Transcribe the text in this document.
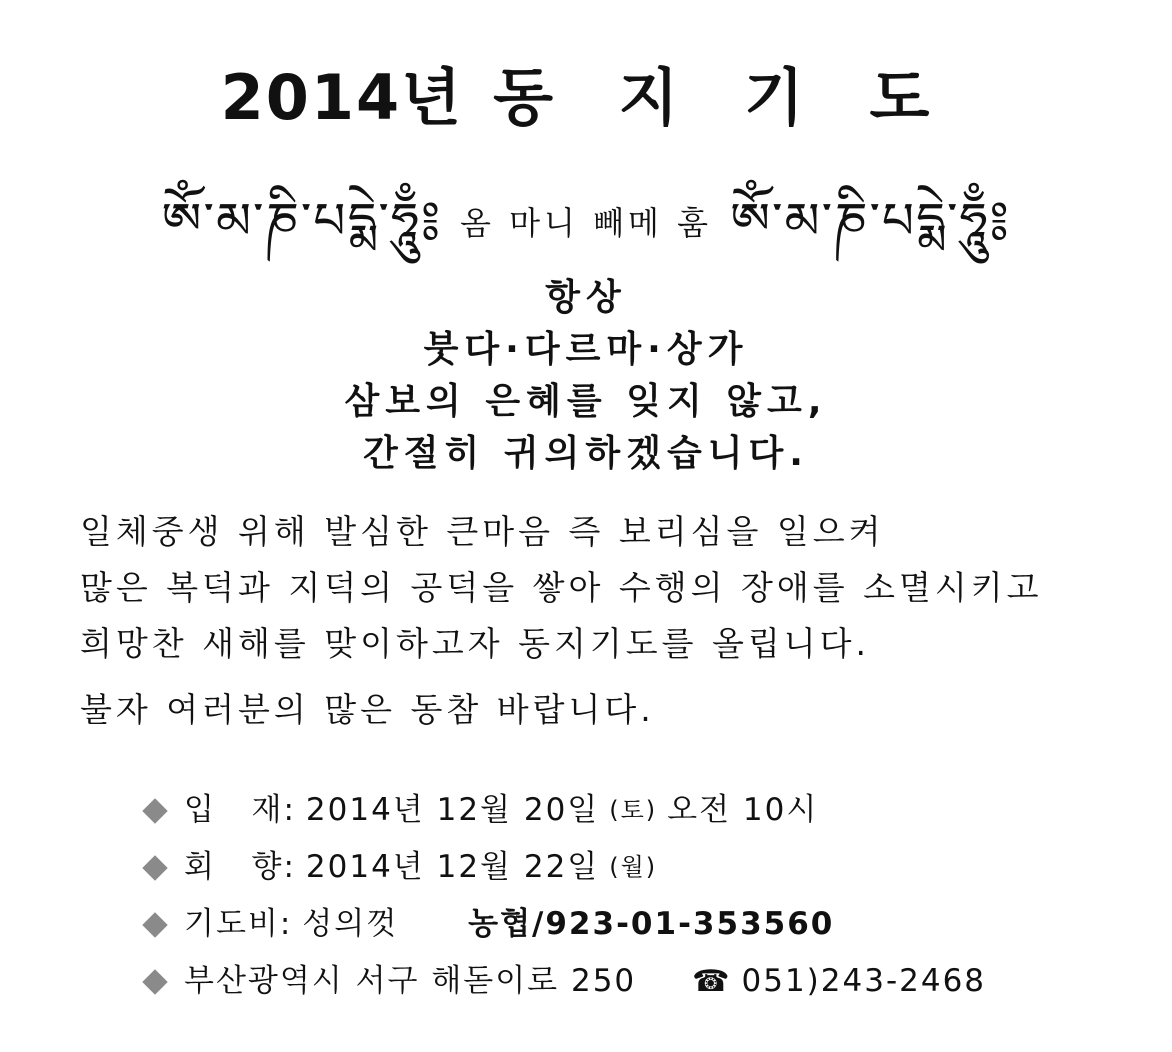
2014년 동 지 기 도
ༀ་མ་ཎི་པདྨེ་ཧཱུྃ༔ 옴 마니 빼메 훔 ༀ་མ་ཎི་པདྨེ་ཧཱུྃ༔
항상
붓다·다르마·상가
삼보의 은혜를 잊지 않고,
간절히 귀의하겠습니다.
일체중생 위해 발심한 큰마음 즉 보리심을 일으켜
많은 복덕과 지덕의 공덕을 쌓아 수행의 장애를 소멸시키고
희망찬 새해를 맞이하고자 동지기도를 올립니다.
불자 여러분의 많은 동참 바랍니다.
입   재: 2014년 12월 20일 (토) 오전 10시
회   향: 2014년 12월 22일 (월)
기도비: 성의껏 농협/923-01-353560
부산광역시 서구 해돋이로 250 ☎ 051)243-2468
